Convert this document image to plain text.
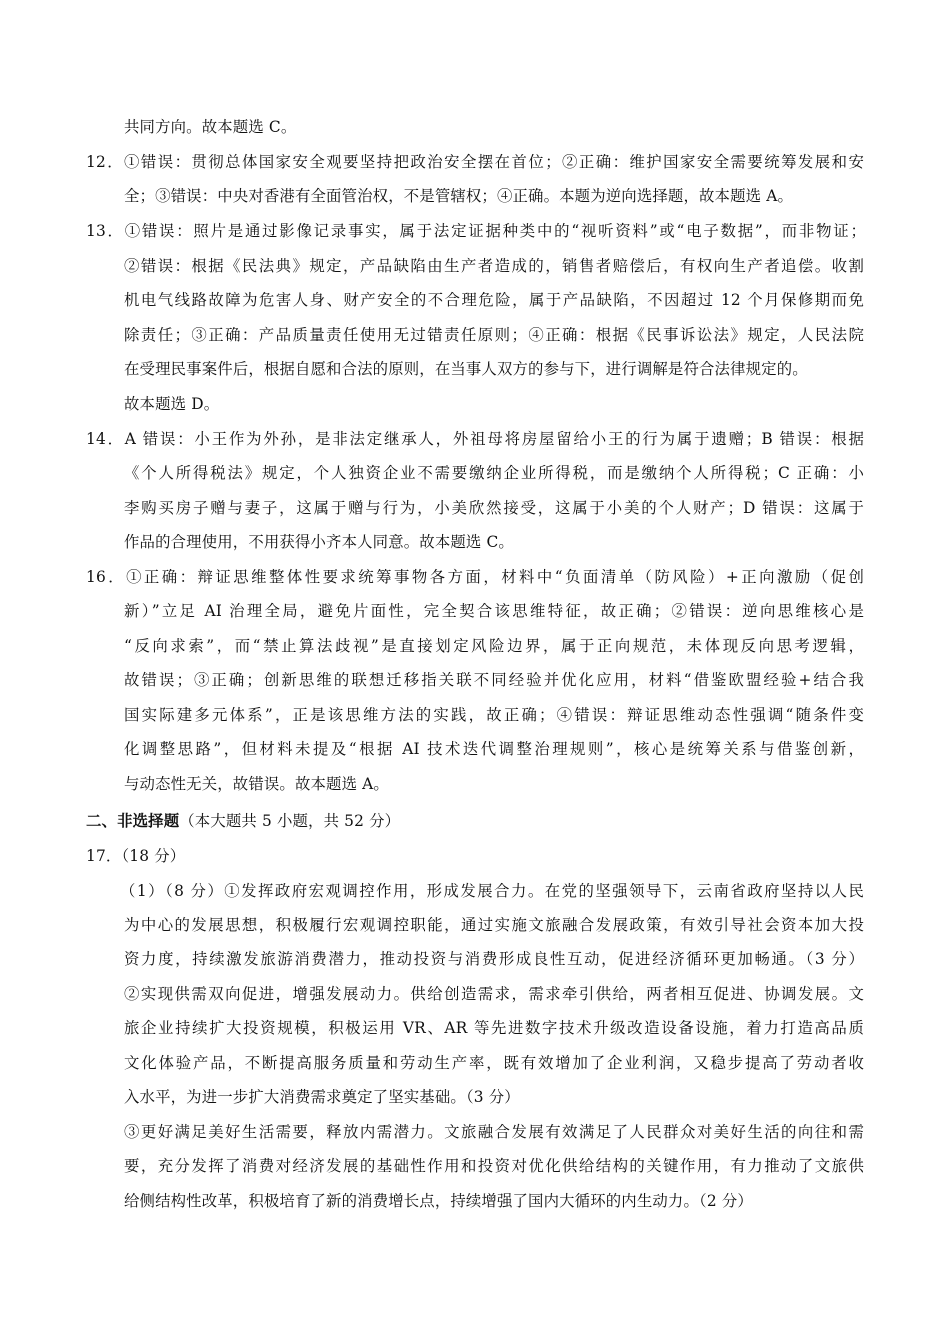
共同方向。故本题选 C。
12．①错误：贯彻总体国家安全观要坚持把政治安全摆在首位；②正确：维护国家安全需要统筹发展和安
全；③错误：中央对香港有全面管治权，不是管辖权；④正确。本题为逆向选择题，故本题选 A。
13．①错误：照片是通过影像记录事实，属于法定证据种类中的“视听资料”或“电子数据”，而非物证；
②错误：根据《民法典》规定，产品缺陷由生产者造成的，销售者赔偿后，有权向生产者追偿。收割
机电气线路故障为危害人身、财产安全的不合理危险，属于产品缺陷，不因超过 12 个月保修期而免
除责任；③正确：产品质量责任使用无过错责任原则；④正确：根据《民事诉讼法》规定，人民法院
在受理民事案件后，根据自愿和合法的原则，在当事人双方的参与下，进行调解是符合法律规定的。
故本题选 D。
14．A 错误：小王作为外孙，是非法定继承人，外祖母将房屋留给小王的行为属于遗赠；B 错误：根据
《个人所得税法》规定，个人独资企业不需要缴纳企业所得税，而是缴纳个人所得税；C 正确：小
李购买房子赠与妻子，这属于赠与行为，小美欣然接受，这属于小美的个人财产；D 错误：这属于
作品的合理使用，不用获得小齐本人同意。故本题选 C。
16．①正确：辩证思维整体性要求统筹事物各方面，材料中“负面清单（防风险）+正向激励（促创
新）”立足 AI 治理全局，避免片面性，完全契合该思维特征，故正确；②错误：逆向思维核心是
“反向求索”，而“禁止算法歧视”是直接划定风险边界，属于正向规范，未体现反向思考逻辑，
故错误；③正确；创新思维的联想迁移指关联不同经验并优化应用，材料“借鉴欧盟经验+结合我
国实际建多元体系”，正是该思维方法的实践，故正确；④错误：辩证思维动态性强调“随条件变
化调整思路”，但材料未提及“根据 AI 技术迭代调整治理规则”，核心是统筹关系与借鉴创新，
与动态性无关，故错误。故本题选 A。
二、非选择题（本大题共 5 小题，共 52 分）
17．（18 分）
（1）（8 分）①发挥政府宏观调控作用，形成发展合力。在党的坚强领导下，云南省政府坚持以人民
为中心的发展思想，积极履行宏观调控职能，通过实施文旅融合发展政策，有效引导社会资本加大投
资力度，持续激发旅游消费潜力，推动投资与消费形成良性互动，促进经济循环更加畅通。（3 分）
②实现供需双向促进，增强发展动力。供给创造需求，需求牵引供给，两者相互促进、协调发展。文
旅企业持续扩大投资规模，积极运用 VR、AR 等先进数字技术升级改造设备设施，着力打造高品质
文化体验产品，不断提高服务质量和劳动生产率，既有效增加了企业利润，又稳步提高了劳动者收
入水平，为进一步扩大消费需求奠定了坚实基础。（3 分）
③更好满足美好生活需要，释放内需潜力。文旅融合发展有效满足了人民群众对美好生活的向往和需
要，充分发挥了消费对经济发展的基础性作用和投资对优化供给结构的关键作用，有力推动了文旅供
给侧结构性改革，积极培育了新的消费增长点，持续增强了国内大循环的内生动力。（2 分）
